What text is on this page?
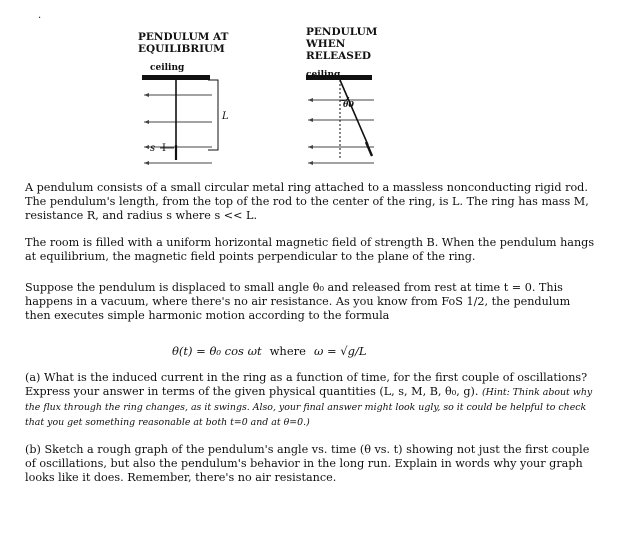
.
PENDULUM AT
EQUILIBRIUM
PENDULUM
WHEN
RELEASED
ceiling
L
s I
θ0
A pendulum consists of a small circular metal ring attached to a massless nonconducting rigid rod. The pendulum's length, from the top of the rod to the center of the ring, is L. The ring has mass M, resistance R, and radius s where s << L.
The room is filled with a uniform horizontal magnetic field of strength B. When the pendulum hangs at equilibrium, the magnetic field points perpendicular to the plane of the ring.
Suppose the pendulum is displaced to small angle θ₀ and released from rest at time t = 0. This happens in a vacuum, where there's no air resistance. As you know from FoS 1/2, the pendulum then executes simple harmonic motion according to the formula
θ(t) = θ₀ cos ωt where ω = √g/L
(a) What is the induced current in the ring as a function of time, for the first couple of oscillations? Express your answer in terms of the given physical quantities (L, s, M, B, θ₀, g). (Hint: Think about why the flux through the ring changes, as it swings. Also, your final answer might look ugly, so it could be helpful to check that you get something reasonable at both t=0 and at θ=0.)
(b) Sketch a rough graph of the pendulum's angle vs. time (θ vs. t) showing not just the first couple of oscillations, but also the pendulum's behavior in the long run. Explain in words why your graph looks like it does. Remember, there's no air resistance.
